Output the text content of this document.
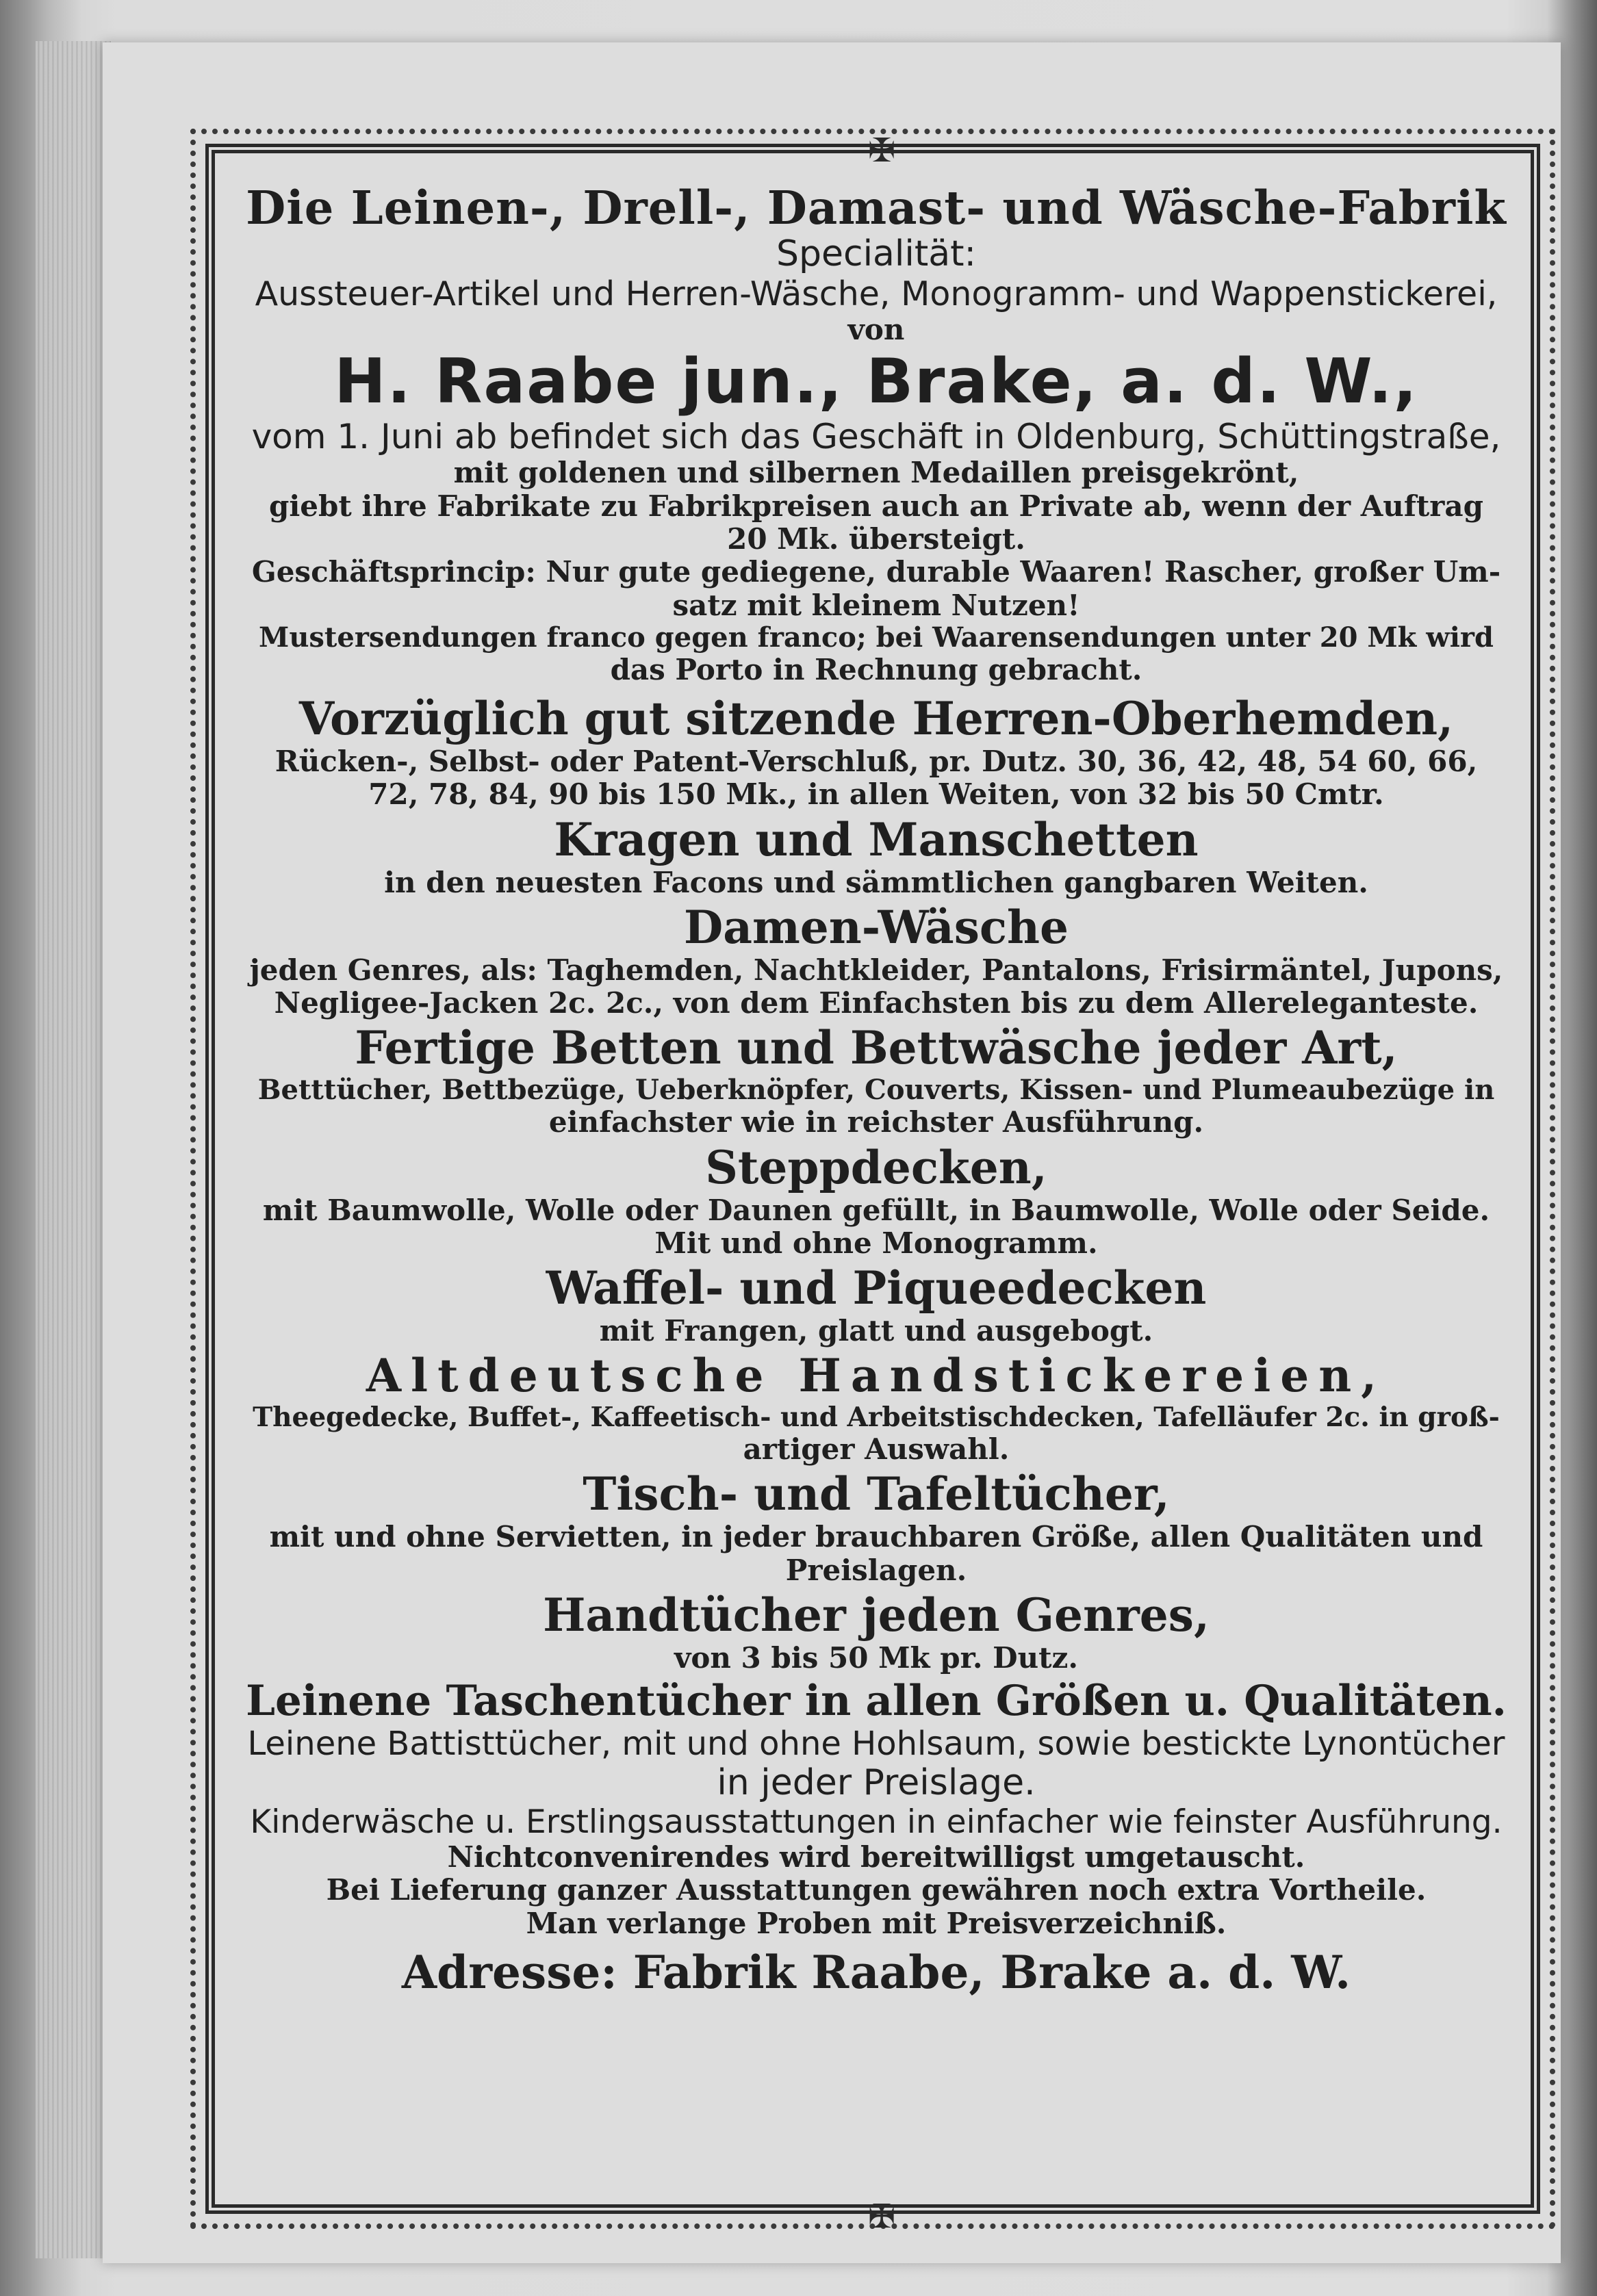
✠
✠

Die Leinen-, Drell-, Damast- und Wäsche-Fabrik

Specialität:

Aussteuer-Artikel und Herren-Wäsche, Monogramm- und Wappenstickerei,

von

H. Raabe jun., Brake, a. d. W.,

vom 1. Juni ab befindet sich das Geschäft in Oldenburg, Schüttingstraße,

mit goldenen und silbernen Medaillen preisgekrönt,

giebt ihre Fabrikate zu Fabrikpreisen auch an Private ab, wenn der Auftrag

20 Mk. übersteigt.

Geschäftsprincip: Nur gute gediegene, durable Waaren! Rascher, großer Um-

satz mit kleinem Nutzen!

Mustersendungen franco gegen franco; bei Waarensendungen unter 20 Mk wird

das Porto in Rechnung gebracht.

Vorzüglich gut sitzende Herren-Oberhemden,

Rücken-, Selbst- oder Patent-Verschluß, pr. Dutz. 30, 36, 42, 48, 54 60, 66,

72, 78, 84, 90 bis 150 Mk., in allen Weiten, von 32 bis 50 Cmtr.

Kragen und Manschetten

in den neuesten Facons und sämmtlichen gangbaren Weiten.

Damen-Wäsche

jeden Genres, als: Taghemden, Nachtkleider, Pantalons, Frisirmäntel, Jupons,

Negligee-Jacken 2c. 2c., von dem Einfachsten bis zu dem Allereleganteste.

Fertige Betten und Bettwäsche jeder Art,

Betttücher, Bettbezüge, Ueberknöpfer, Couverts, Kissen- und Plumeaubezüge in

einfachster wie in reichster Ausführung.

Steppdecken,

mit Baumwolle, Wolle oder Daunen gefüllt, in Baumwolle, Wolle oder Seide.

Mit und ohne Monogramm.

Waffel- und Piqueedecken

mit Frangen, glatt und ausgebogt.

Altdeutsche Handstickereien,

Theegedecke, Buffet-, Kaffeetisch- und Arbeitstischdecken, Tafelläufer 2c. in groß-

artiger Auswahl.

Tisch- und Tafeltücher,

mit und ohne Servietten, in jeder brauchbaren Größe, allen Qualitäten und

Preislagen.

Handtücher jeden Genres,

von 3 bis 50 Mk pr. Dutz.

Leinene Taschentücher in allen Größen u. Qualitäten.

Leinene Battisttücher, mit und ohne Hohlsaum, sowie bestickte Lynontücher

in jeder Preislage.

Kinderwäsche u. Erstlingsausstattungen in einfacher wie feinster Ausführung.

Nichtconvenirendes wird bereitwilligst umgetauscht.

Bei Lieferung ganzer Ausstattungen gewähren noch extra Vortheile.

Man verlange Proben mit Preisverzeichniß.

Adresse: Fabrik Raabe, Brake a. d. W.
